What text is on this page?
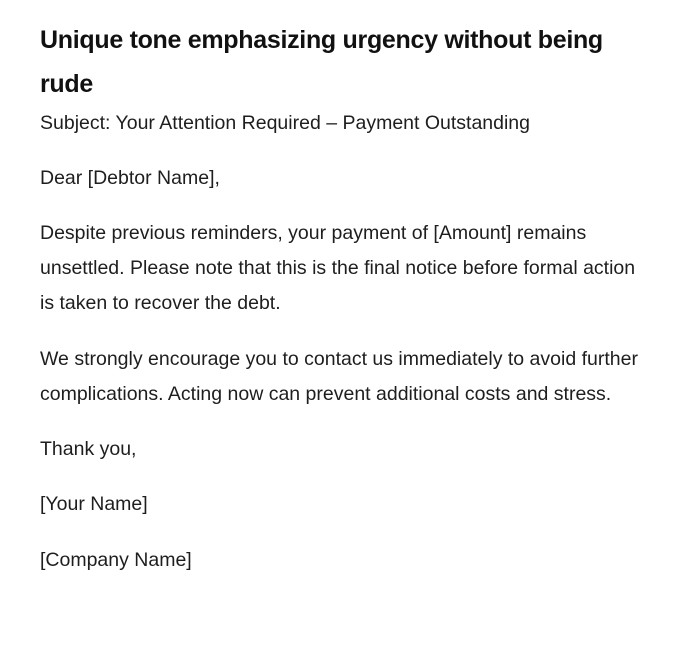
Unique tone emphasizing urgency without being rude

Subject: Your Attention Required – Payment Outstanding

Dear [Debtor Name],

Despite previous reminders, your payment of [Amount] remains unsettled. Please note that this is the final notice before formal action is taken to recover the debt.

We strongly encourage you to contact us immediately to avoid further complications. Acting now can prevent additional costs and stress.

Thank you,

[Your Name]

[Company Name]
